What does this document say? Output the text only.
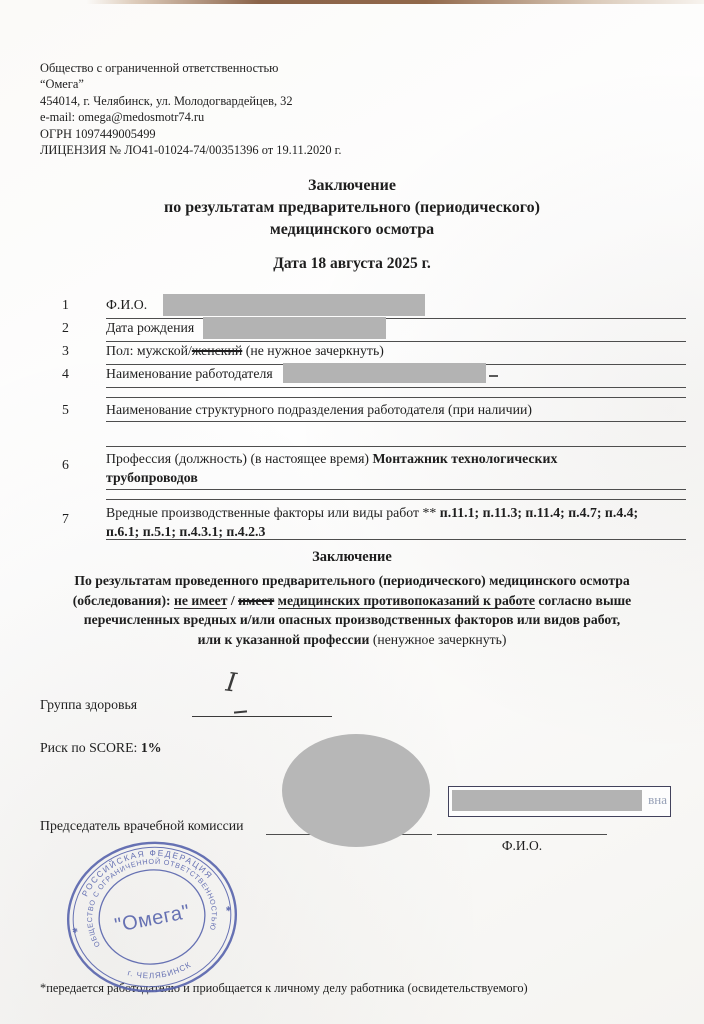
Общество с ограниченной ответственностью
“Омега”
454014, г. Челябинск, ул. Молодогвардейцев, 32
e-mail: omega@medosmotr74.ru
ОГРН 1097449005499
ЛИЦЕНЗИЯ № ЛО41-01024-74/00351396 от 19.11.2020 г.
Заключение
по результатам предварительного (периодического)
медицинского осмотра
Дата 18 августа 2025 г.
1	Ф.И.О.
2	Дата рождения
3	Пол: мужской/женский (не нужное зачеркнуть)
4	Наименование работодателя
5	Наименование структурного подразделения работодателя (при наличии)
6	Профессия (должность) (в настоящее время) Монтажник технологических трубопроводов
7	Вредные производственные факторы или виды работ ** п.11.1; п.11.3; п.11.4; п.4.7; п.4.4; п.6.1; п.5.1; п.4.3.1; п.4.2.3
Заключение
По результатам проведенного предварительного (периодического) медицинского осмотра
(обследования): не имеет / имеет медицинских противопоказаний к работе согласно выше
перечисленных вредных и/или опасных производственных факторов или видов работ,
или к указанной профессии (ненужное зачеркнуть)
Группа здоровья
I
Риск по SCORE: 1%
Председатель врачебной комиссии
Ф.И.О.
вна
РОССИЙСКАЯ ФЕДЕРАЦИЯ
ОБЩЕСТВО С ОГРАНИЧЕННОЙ ОТВЕТСТВЕННОСТЬЮ
г. ЧЕЛЯБИНСК
✱
✱
"Омега"
*передается работодателю и приобщается к личному делу работника (освидетельствуемого)
